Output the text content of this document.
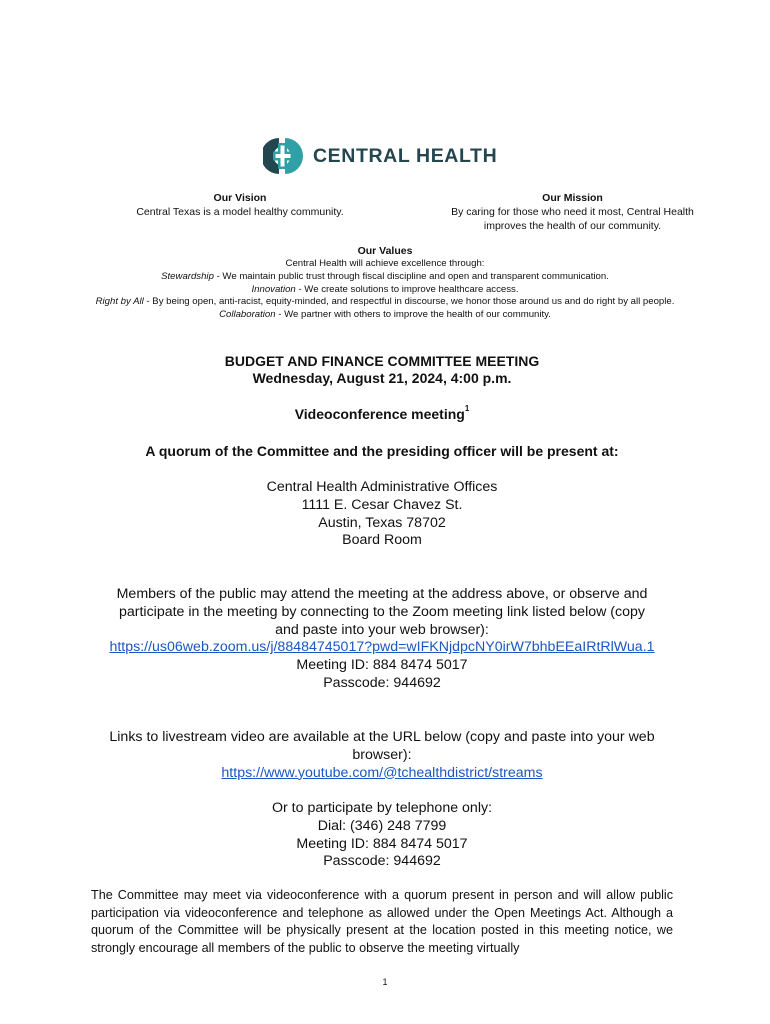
CENTRAL HEALTH
Our Vision
Central Texas is a model healthy community.
Our Mission
By caring for those who need it most, Central Health
improves the health of our community.
Our Values
Central Health will achieve excellence through:
Stewardship - We maintain public trust through fiscal discipline and open and transparent communication.
Innovation - We create solutions to improve healthcare access.
Right by All - By being open, anti-racist, equity-minded, and respectful in discourse, we honor those around us and do right by all people.
Collaboration - We partner with others to improve the health of our community.
BUDGET AND FINANCE COMMITTEE MEETING
Wednesday, August 21, 2024, 4:00 p.m.
Videoconference meeting$^1$
A quorum of the Committee and the presiding officer will be present at:
Central Health Administrative Offices
1111 E. Cesar Chavez St.
Austin, Texas 78702
Board Room
Members of the public may attend the meeting at the address above, or observe and
participate in the meeting by connecting to the Zoom meeting link listed below (copy
and paste into your web browser):
https://us06web.zoom.us/j/88484745017?pwd=wIFKNjdpcNY0irW7bhbEEaIRtRlWua.1
Meeting ID: 884 8474 5017
Passcode: 944692
Links to livestream video are available at the URL below (copy and paste into your web
browser):
https://www.youtube.com/@tchealthdistrict/streams
Or to participate by telephone only:
Dial: (346) 248 7799
Meeting ID: 884 8474 5017
Passcode: 944692
The Committee may meet via videoconference with a quorum present in person and will allow public participation via videoconference and telephone as allowed under the Open Meetings Act. Although a quorum of the Committee will be physically present at the location posted in this meeting notice, we strongly encourage all members of the public to observe the meeting virtually
1
